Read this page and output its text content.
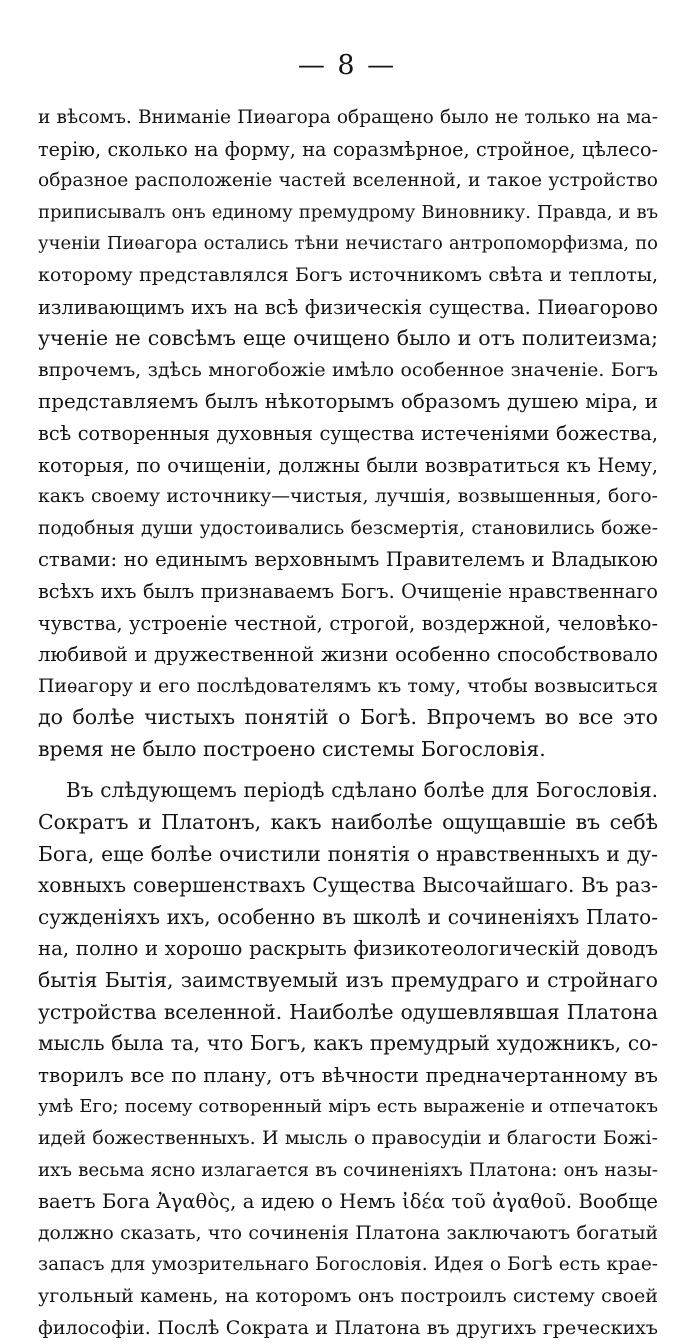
— 8 —
и вѣсомъ. Вниманіе Пиѳагора обращено было не только на ма-
терію, сколько на форму, на соразмѣрное, стройное, цѣлесо-
образное расположеніе частей вселенной, и такое устройство
приписывалъ онъ единому премудрому Виновнику. Правда, и въ
ученіи Пиѳагора остались тѣни нечистаго антропоморфизма, по
которому представлялся Богъ источникомъ свѣта и теплоты,
изливающимъ ихъ на всѣ физическія существа. Пиѳагорово
ученіе не совсѣмъ еще очищено было и отъ политеизма;
впрочемъ, здѣсь многобожіе имѣло особенное значеніе. Богъ
представляемъ былъ нѣкоторымъ образомъ душею міра, и
всѣ сотворенныя духовныя существа истеченіями божества,
которыя, по очищеніи, должны были возвратиться къ Нему,
какъ своему источнику—чистыя, лучшія, возвышенныя, бого-
подобныя души удостоивались безсмертія, становились боже-
ствами: но единымъ верховнымъ Правителемъ и Владыкою
всѣхъ ихъ былъ признаваемъ Богъ. Очищеніе нравственнаго
чувства, устроеніе честной, строгой, воздержной, человѣко-
любивой и дружественной жизни особенно способствовало
Пиѳагору и его послѣдователямъ къ тому, чтобы возвыситься
до болѣе чистыхъ понятій о Богѣ. Впрочемъ во все это
время не было построено системы Богословія.
Въ слѣдующемъ періодѣ сдѣлано болѣе для Богословія.
Сократъ и Платонъ, какъ наиболѣе ощущавшіе въ себѣ
Бога, еще болѣе очистили понятія о нравственныхъ и ду-
ховныхъ совершенствахъ Существа Высочайшаго. Въ раз-
сужденіяхъ ихъ, особенно въ школѣ и сочиненіяхъ Плато-
на, полно и хорошо раскрыть физикотеологическій доводъ
бытія Бытія, заимствуемый изъ премудраго и стройнаго
устройства вселенной. Наиболѣе одушевлявшая Платона
мысль была та, что Богъ, какъ премудрый художникъ, со-
творилъ все по плану, отъ вѣчности предначертанному въ
умѣ Его; посему сотворенный міръ есть выраженіе и отпечатокъ
идей божественныхъ. И мысль о правосудіи и благости Божі-
ихъ весьма ясно излагается въ сочиненіяхъ Платона: онъ назы-
ваетъ Бога Ἀγαθὸς, а идею о Немъ ἰδέα τοῦ ἀγαθοῦ. Вообще
должно сказать, что сочиненія Платона заключаютъ богатый
запасъ для умозрительнаго Богословія. Идея о Богѣ есть крае-
угольный камень, на которомъ онъ построилъ систему своей
философіи. Послѣ Сократа и Платона въ другихъ греческихъ
